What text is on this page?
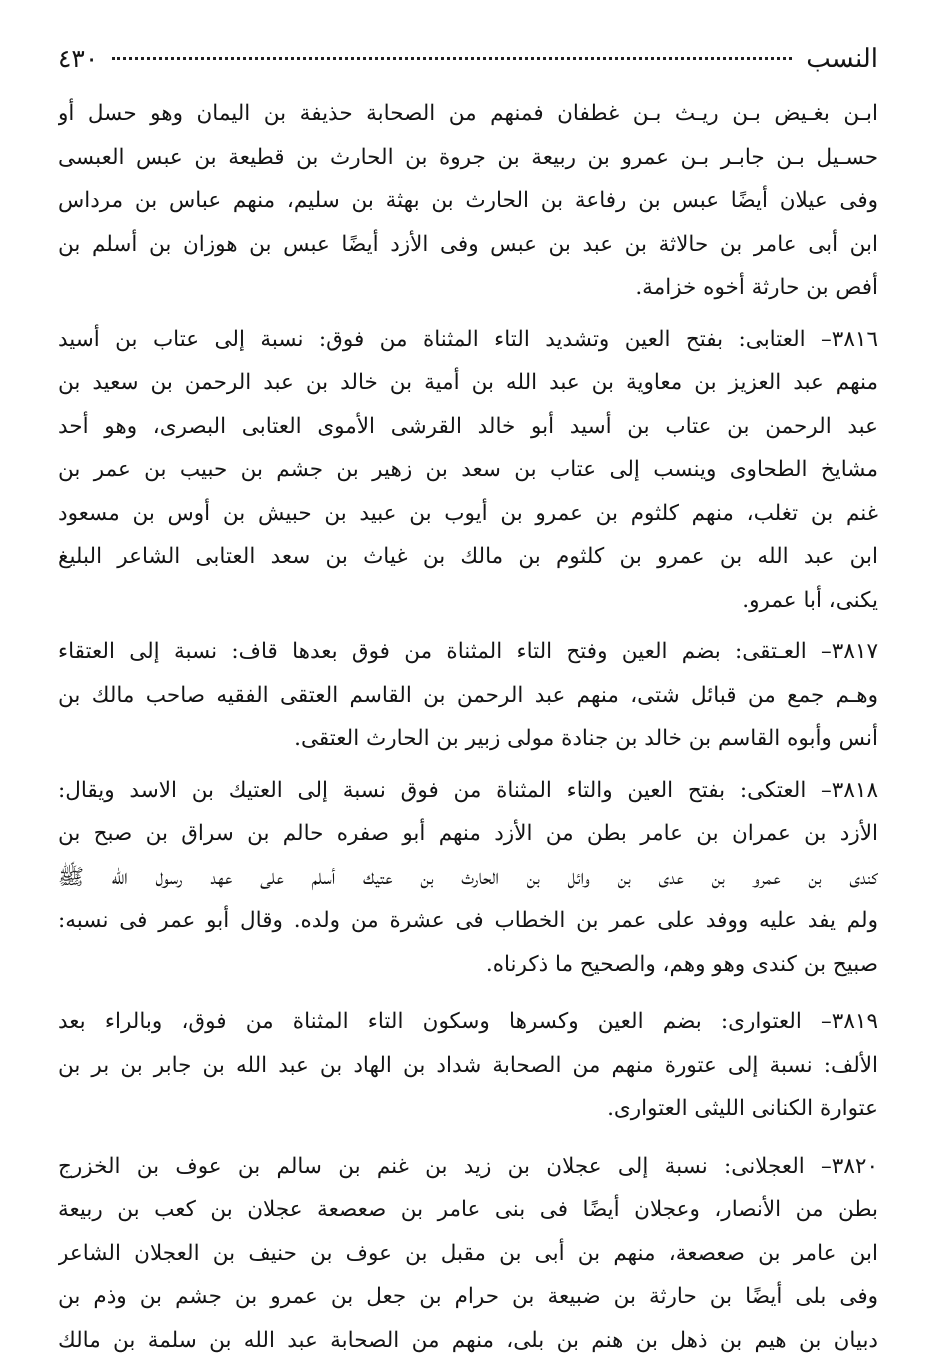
النسب
٤٣٠
ابـن بغـيض بـن ريـث بـن غطفان فمنهم من الصحابة حذيفة بن اليمان وهو حسل أو
حسـيل بـن جابـر بـن عمرو بن ربيعة بن جروة بن الحارث بن قطيعة بن عبس العبسى
وفى عيلان أيضًا عبس بن رفاعة بن الحارث بن بهثة بن سليم، منهم عباس بن مرداس
ابن أبى عامر بن حالاثة بن عبد بن عبس وفى الأزد أيضًا عبس بن هوزان بن أسلم بن
أفص بن حارثة أخوه خزامة.
٣٨١٦– العتابى: بفتح العين وتشديد التاء المثناة من فوق: نسبة إلى عتاب بن أسيد
منهم عبد العزيز بن معاوية بن عبد الله بن أمية بن خالد بن عبد الرحمن بن سعيد بن
عبد الرحمن بن عتاب بن أسيد أبو خالد القرشى الأموى العتابى البصرى، وهو أحد
مشايخ الطحاوى وينسب إلى عتاب بن سعد بن زهير بن جشم بن حبيب بن عمر بن
غنم بن تغلب، منهم كلثوم بن عمرو بن أيوب بن عبيد بن حبيش بن أوس بن مسعود
ابن عبد الله بن عمرو بن كلثوم بن مالك بن غياث بن سعد العتابى الشاعر البليغ
يكنى، أبا عمرو.
٣٨١٧– العـتقى: بضم العين وفتح التاء المثناة من فوق بعدها قاف: نسبة إلى العتقاء
وهـم جمع من قبائل شتى، منهم عبد الرحمن بن القاسم العتقى الفقيه صاحب مالك بن
أنس وأبوه القاسم بن خالد بن جنادة مولى زبير بن الحارث العتقى.
٣٨١٨– العتكى: بفتح العين والتاء المثناة من فوق نسبة إلى العتيك بن الاسد ويقال:
الأزد بن عمران بن عامر بطن من الأزد منهم أبو صفره حالم بن سراق بن صبح بن
كندى بن عمرو بن عدى بن وائل بن الحارث بن عتيك أسلم على عهد رسول الله ﷺ
ولم يفد عليه ووفد على عمر بن الخطاب فى عشرة من ولده. وقال أبو عمر فى نسبه:
صبيح بن كندى وهو وهم، والصحيح ما ذكرناه.
٣٨١٩– العتوارى: بضم العين وكسرها وسكون التاء المثناة من فوق، وبالراء بعد
الألف: نسبة إلى عتورة منهم من الصحابة شداد بن الهاد بن عبد الله بن جابر بن بر بن
عتوارة الكنانى الليثى العتوارى.
٣٨٢٠– العجلانى: نسبة إلى عجلان بن زيد بن غنم بن سالم بن عوف بن الخزرج
بطن من الأنصار، وعجلان أيضًا فى بنى عامر بن صعصعة عجلان بن كعب بن ربيعة
ابن عامر بن صعصعة، منهم بن أبى بن مقبل بن عوف بن حنيف بن العجلان الشاعر
وفى بلى أيضًا بن حارثة بن ضبيعة بن حرام بن جعل بن عمرو بن جشم بن وذم بن
دبيان بن هيم بن ذهل بن هنم بن بلى، منهم من الصحابة عبد الله بن سلمة بن مالك
